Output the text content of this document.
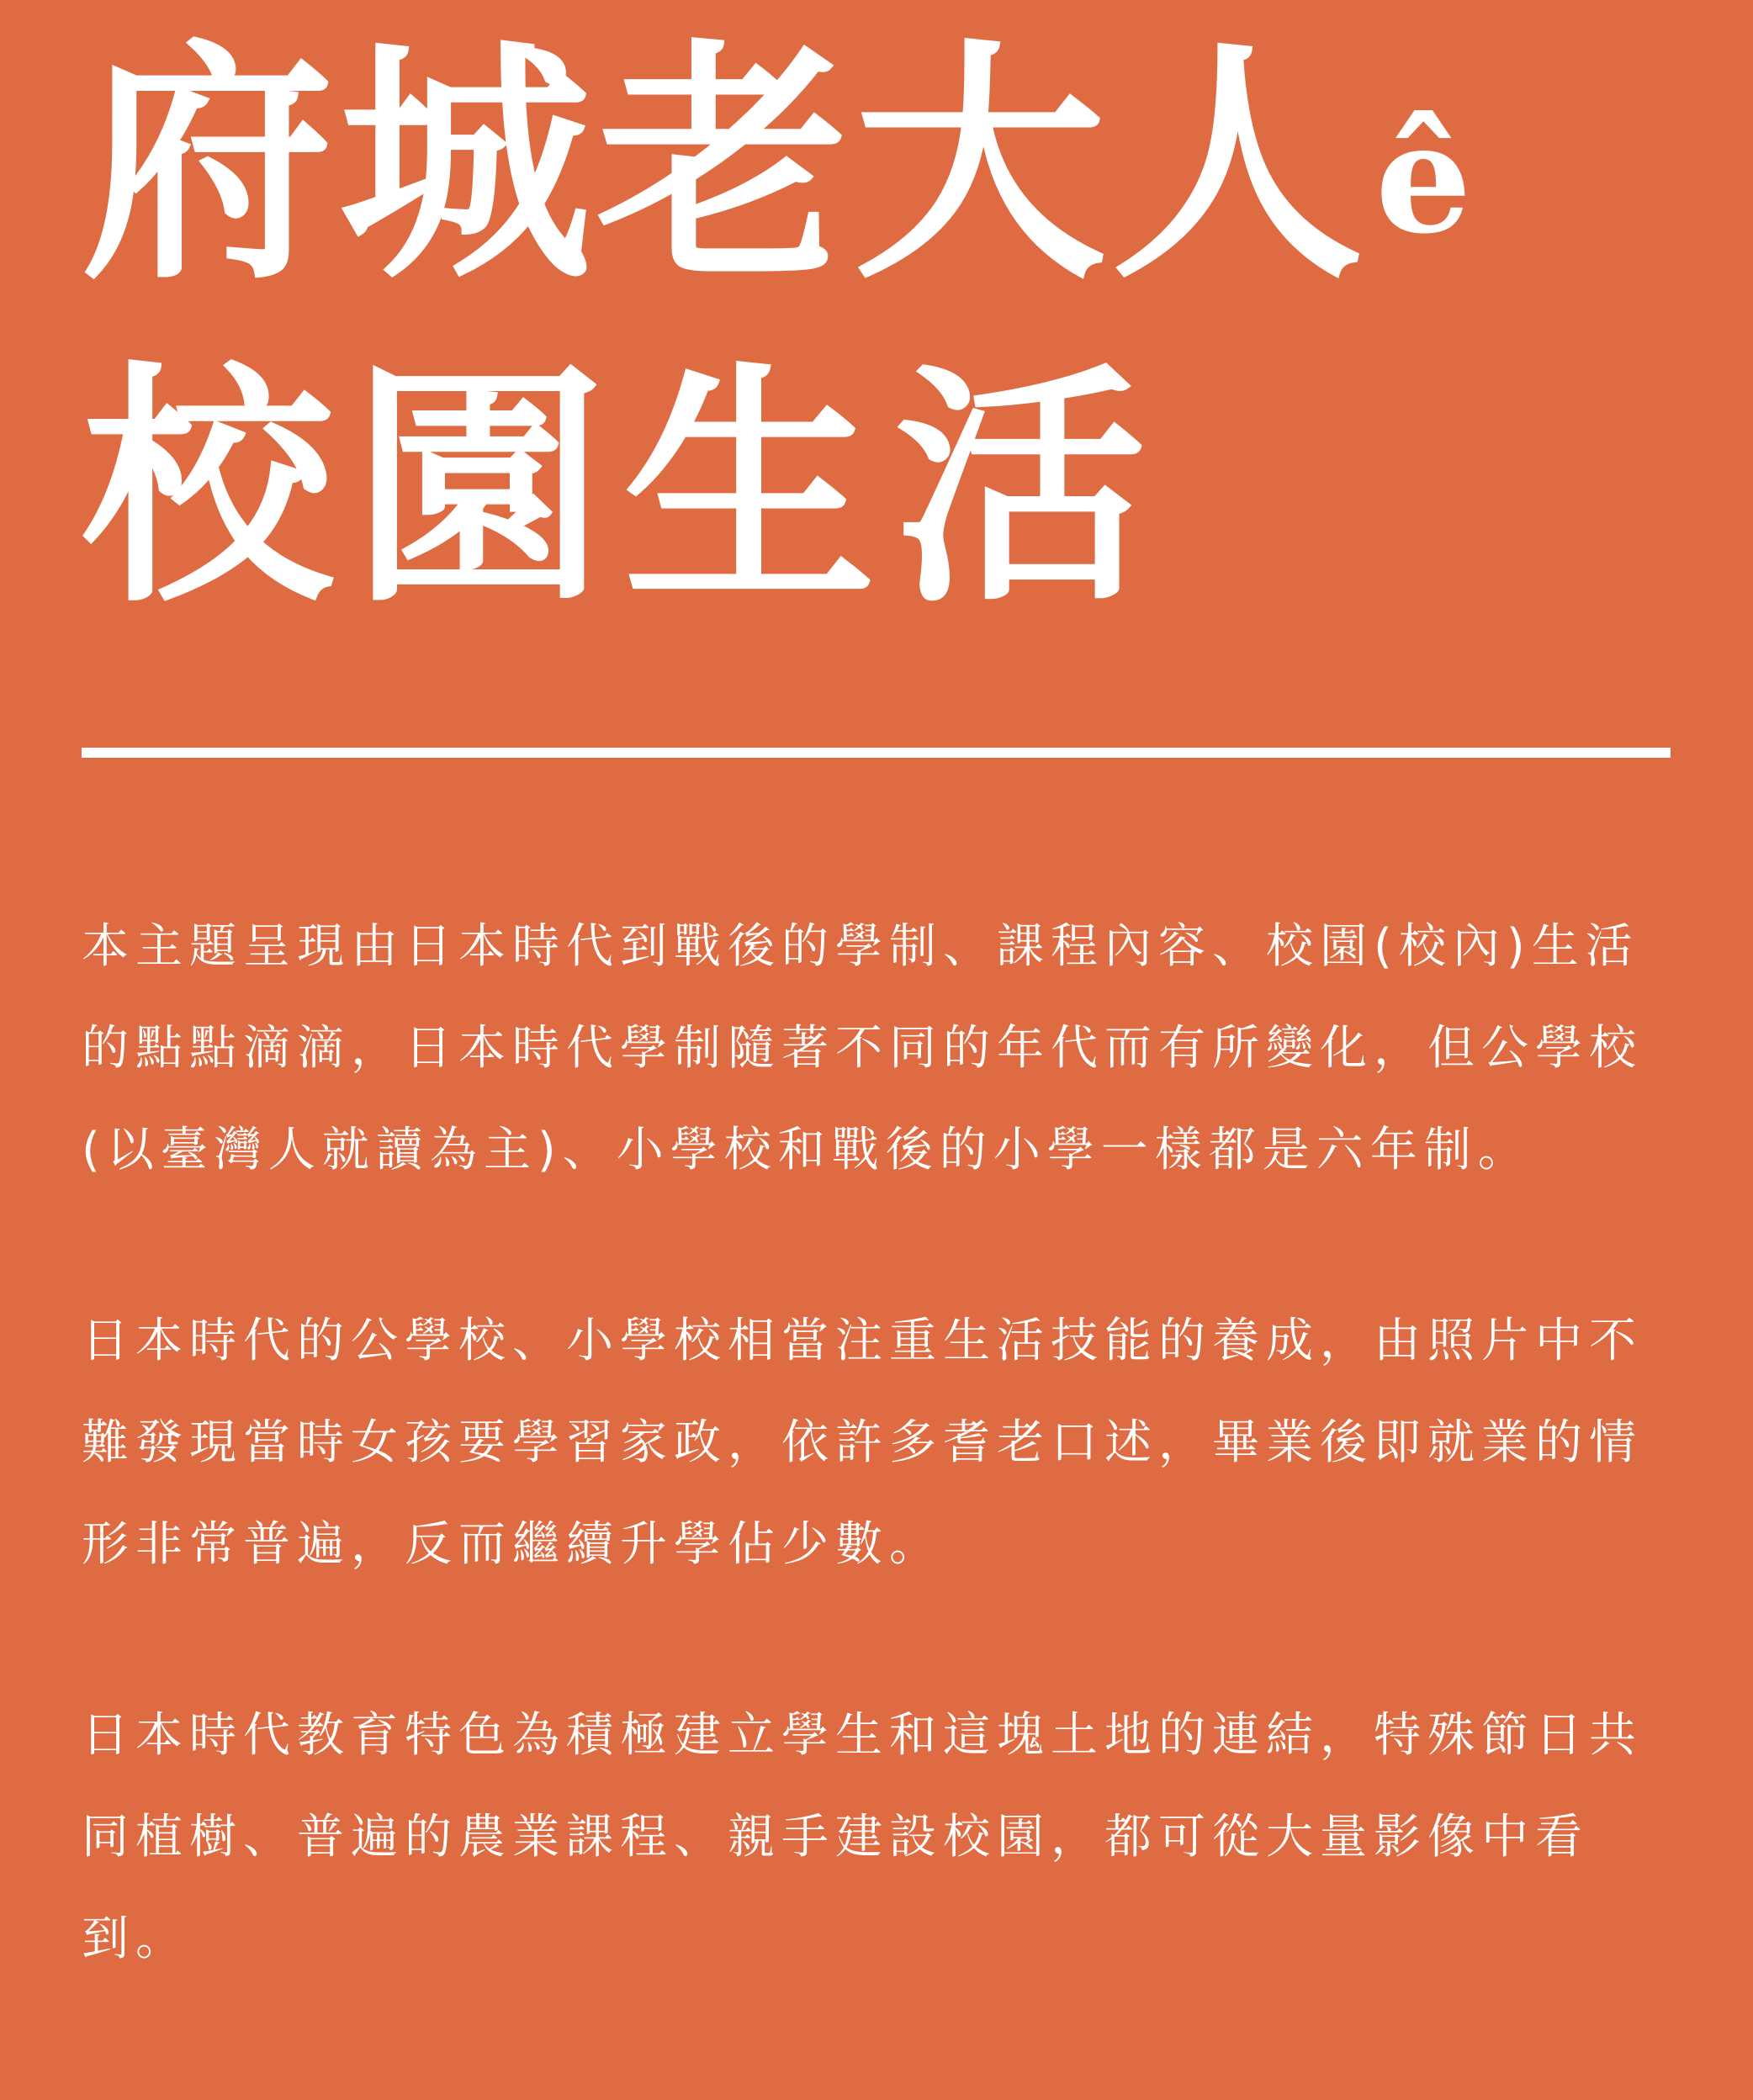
府城老大人ê
校園生活

本主題呈現由日本時代到戰後的學制、課程內容、校園(校內)生活的點點滴滴，日本時代學制隨著不同的年代而有所變化，但公學校(以臺灣人就讀為主)、小學校和戰後的小學一樣都是六年制。

日本時代的公學校、小學校相當注重生活技能的養成，由照片中不難發現當時女孩要學習家政，依許多耆老口述，畢業後即就業的情形非常普遍，反而繼續升學佔少數。

日本時代教育特色為積極建立學生和這塊土地的連結，特殊節日共同植樹、普遍的農業課程、親手建設校園，都可從大量影像中看到。
